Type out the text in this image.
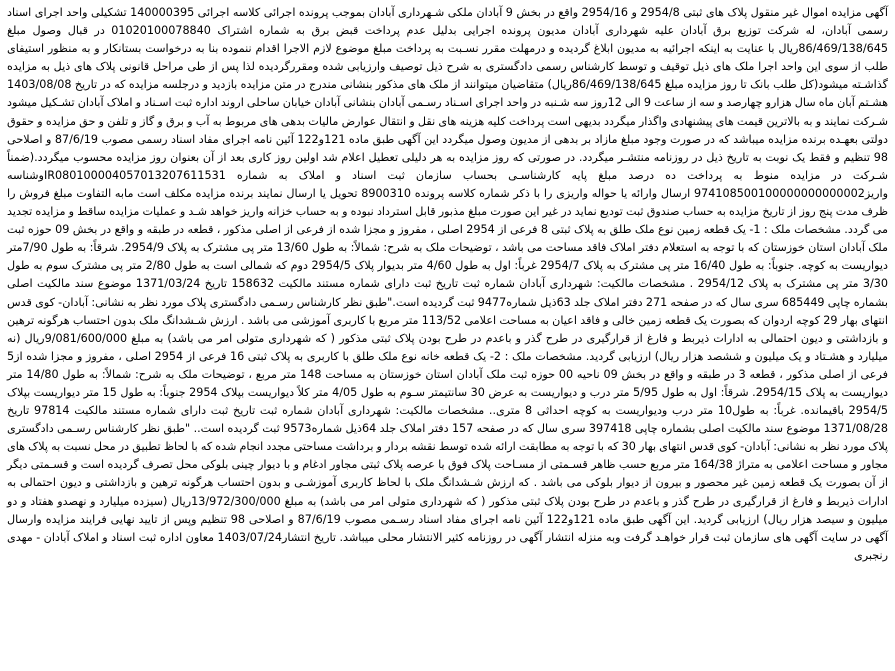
آگهی مزایده اموال غیر منقول پلاک های ثبتی 2954/8 و 2954/16 واقع در بخش 9 آبادان ملکی شـهرداری آبادان بموجب پرونده اجرائی کلاسه اجرائی 140000395 تشکیلی واحد اجرای اسناد رسمی آبادان، له شرکت توزیع برق آبادان علیه شهرداری آبادان مدیون پرونده اجرایی بدلیل عدم پرداخت قبض برق به شماره اشتراک 01020100078840 در قبال وصول مبلغ 86/469/138/645ریال با عنایت به اینکه اجرائیه به مدیون ابلاغ گردیده و درمهلت مقرر نسـبت به پرداخت مبلغ موضوع لازم الاجرا اقدام ننموده بنا به درخواست بستانکار و به منظور استیفای طلب از سوی این واحد اجرا ملک های ذیل توقیف و توسط کارشناس رسمی دادگستری به شرح ذیل توصیف وارزیابی شده ومقررگردیده لذا پس از طی مراحل قانونی پلاک های ذیل به مزایده گذاشـته میشود(کل طلب بانک تا روز مزایده مبلغ 86/469/138/645ریال) متقاضیان میتوانند از ملک های مذکور بنشانی مندرج در متن مزایده بازدید و درجلسه مزایده که در تاریخ 1403/08/08 هشـتم آبان ماه سال هزارو چهارصد و سه از ساعت 9 الی 12روز سه شـنبه در واحد اجرای اسـناد رسـمی آبادان بنشانی آبادان خیابان ساحلی اروند اداره ثبت اسـناد و املاک آبادان تشـکیل میشود شـرکت نمایند و به بالاترین قیمت های پیشنهادی واگذار میگردد بدیهی است پرداخت کلیه هزینه های نقل و انتقال عوارض مالیات بدهی های مربوط به آب و برق و گاز و تلفن و حق مزایده و حقوق دولتی بعهـده برنده مزایده میباشد که در صورت وجود مبلغ مازاد بر بدهی از مدیون وصول میگردد این آگهی طبق ماده 121و122 آئین نامه اجرای مفاد اسناد رسمی مصوب 87/6/19 و اصلاحی 98 تنظیم و فقط یک نوبت به تاریخ ذیل در روزنامه منتشـر میگردد. در صورتی که روز مزایده به هر دلیلی تعطیل اعلام شد اولین روز کاری بعد از آن بعنوان روز مزایده محسوب میگردد.(ضمناً شـرکت در مزایده منوط به پرداخت ده درصد مبلغ پایه کارشناسـی بحساب سازمان ثبت اسناد و املاک به شماره IR080100004057013207611531وشناسه واریز974108500100000000000002 ارسال وارائه یا حواله واریزی را با ذکر شماره کلاسه پرونده 8900310 تحویل یا ارسال نمایند برنده مزایده مکلف است مابه التفاوت مبلغ فروش را ظرف مدت پنج روز از تاریخ مزایده به حساب صندوق ثبت تودیع نماید در غیر این صورت مبلغ مذبور قابل استرداد نبوده و به حساب خزانه واریز خواهد شـد و عملیات مزایده ساقط و مزایده تجدید می گردد. مشخصات ملک : 1- یک قطعه زمین نوع ملک طلق به پلاک ثبتی 8 فرعی از 2954 اصلی ، مفروز و مجزا شده از فرعی از اصلی مذکور ، قطعه در طبقه و واقع در بخش 09 حوزه ثبت ملک آبادان استان خوزستان که با توجه به استعلام دفتر املاک فاقد مساحت می باشد ، توضیحات ملک به شرح: شمالاً: به طول 13/60 متر پی مشترک به پلاک 2954/9. شرقاً: به طول 7/90متر دیواریست به کوچه. جنوباً: به طول 16/40 متر پی مشترک به پلاک 2954/7 غرباً: اول به طول 4/60 متر بدیوار پلاک 2954/5 دوم که شمالی است به طول 2/80 متر پی مشترک سوم به طول 3/30 متر پی مشترک به پلاک 2954/12 . مشخصات مالکیت: شهرداری آبادان شماره ثبت تاریخ ثبت دارای شماره مستند مالکیت 158632 تاریخ 1371/03/24 موضوع سند مالکیت اصلی بشماره چاپی 685449 سری سال که در صفحه 271 دفتر املاک جلد 63ذیل شماره9477 ثبت گردیده است."طبق نظر کارشناس رسـمی دادگستری پلاک مورد نظر به نشانی: آبادان- کوی قدس انتهای بهار 29 کوچه اردوان که بصورت یک قطعه زمین خالی و فاقد اعیان به مساحت اعلامی 113/52 متر مربع با کاربری آموزشی می باشد . ارزش شـشدانگ ملک بدون احتساب هرگونه ترهین و بازداشتی و دیون احتمالی به ادارات ذیربط و فارغ از قرارگیری در طرح گذر و باعدم در طرح بودن پلاک ثبتی مذکور ( که شهرداری متولی امر می باشد) به مبلغ 9/081/600/000ریال (نه میلیارد و هشـتاد و یک میلیون و ششصد هزار ریال) ارزیابی گردید. مشخصات ملک : 2- یک قطعه خانه نوع ملک طلق با کاربری به پلاک ثبتی 16 فرعی از 2954 اصلی ، مفروز و مجزا شده از5 فرعی از اصلی مذکور ، قطعه 3 در طبقه و واقع در بخش 09 ناحیه 00 حوزه ثبت ملک آبادان استان خوزستان به مساحت 148 متر مربع ، توضیحات ملک به شرح: شمالاً: به طول 14/80 متر دیواریست به پلاک 2954/15. شرقاً: اول به طول 5/95 متر درب و دیواریست به عرض 30 سانتیمتر سـوم به طول 4/05 متر کلاً دیواریست بپلاک 2954 جنوباً: به طول 15 متر دیواریست بپلاک 2954/5 باقیمانده. غرباً: به طول10 متر درب ودیواریست به کوچه احداثی 8 متری.. مشخصات مالکیت: شهرداری آبادان شماره ثبت تاریخ ثبت دارای شماره مستند مالکیت 97814 تاریخ 1371/08/28 موضوع سند مالکیت اصلی بشماره چاپی 397418 سری سال که در صفحه 157 دفتر املاک جلد 64ذیل شماره9573 ثبت گردیده است.. "طبق نظر کارشناس رسـمی دادگستری پلاک مورد نظر به نشانی: آبادان- کوی قدس انتهای بهار 30 که با توجه به مطابقت ارائه شده توسط نقشه بردار و برداشت مساحتی مجدد انجام شده که با لحاظ تطبیق در محل نسبت به پلاک های مجاور و مساحت اعلامی به متراژ 164/38 متر مربع حسب ظاهر قسـمتی از مسـاحت پلاک فوق با عرصه پلاک ثبتی مجاور ادغام و با دیوار چینی بلوکی محل تصرف گردیده است و قسـمتی دیگر از آن بصورت یک قطعه زمین غیر محصور و بیرون از دیوار بلوکی می باشد . که ارزش شـشدانگ ملک با لحاظ کاربری آموزشـی و بدون احتساب هرگونه ترهین و بازداشتی و دیون احتمالی به ادارات ذیربط و فارغ از قرارگیری در طرح گذر و باعدم در طرح بودن پلاک ثبتی مذکور ( که شهرداری متولی امر می باشد) به مبلغ 13/972/300/000ریال (سیزده میلیارد و نهصدو هفتاد و دو میلیون و سیصد هزار ریال) ارزیابی گردید. این آگهی طبق ماده 121و122 آئین نامه اجرای مفاد اسناد رسـمی مصوب 87/6/19 و اصلاحی 98 تنظیم وپس از تایید نهایی فرایند مزایده وارسال آگهی در سایت آگهی های سازمان ثبت قرار خواهـد گرفت وبه منزله انتشار آگهی در روزنامه کثیر الانتشار محلی میباشد. تاریخ انتشار1403/07/24 معاون اداره ثبت اسناد و املاک آبادان - مهدی رنجبری
